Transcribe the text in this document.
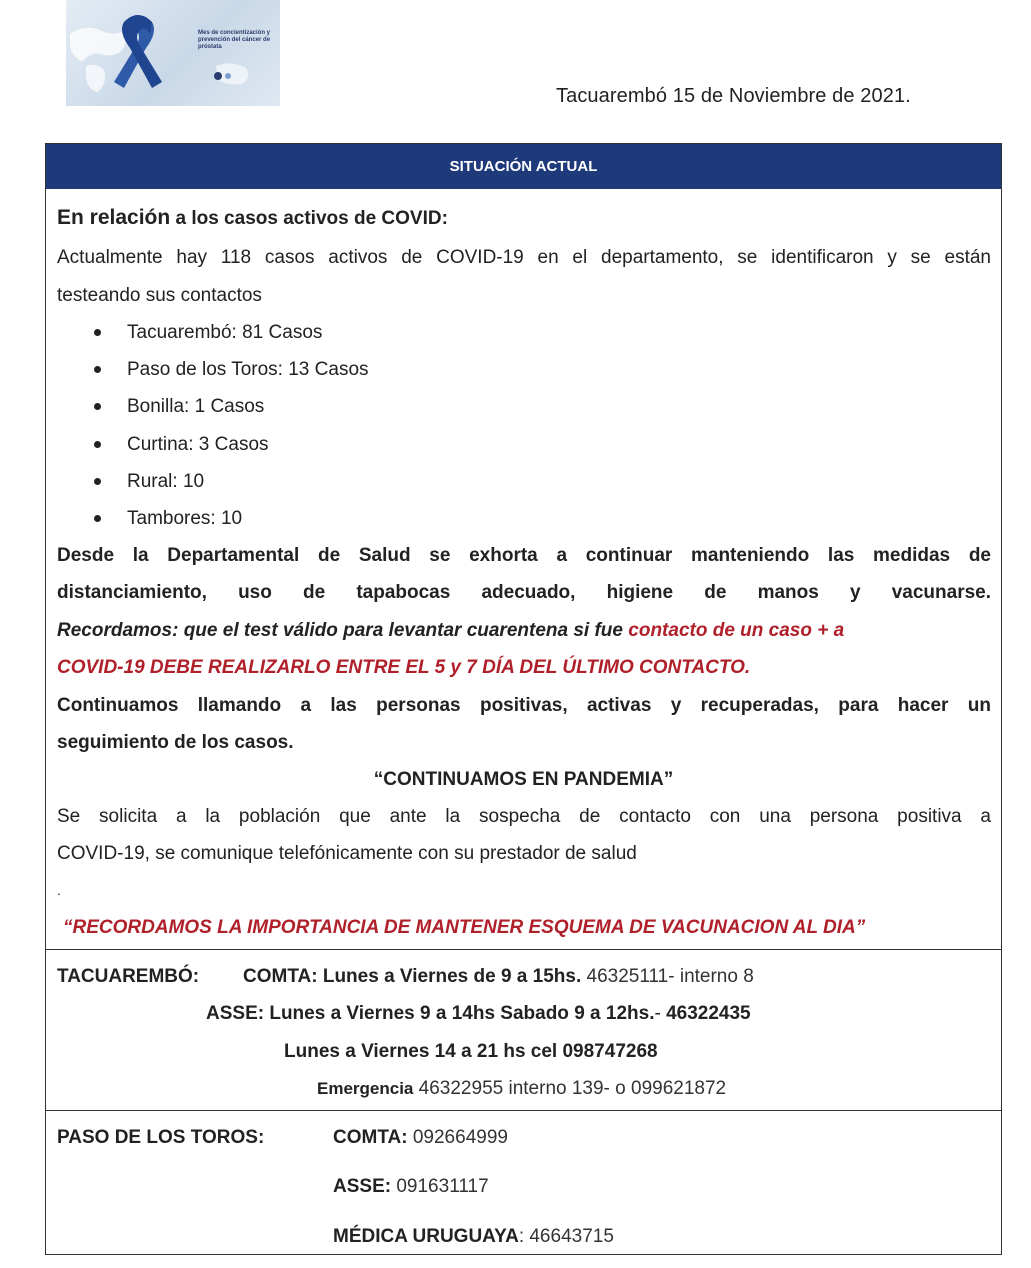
Mes de concientización y prevención del cáncer de próstata
Tacuarembó 15 de Noviembre de 2021.
SITUACIÓN ACTUAL
En relación a los casos activos de COVID:
Actualmente hay 118 casos activos de COVID-19 en el departamento, se identificaron y se están
testeando sus contactos
Tacuarembó: 81 Casos
Paso de los Toros: 13 Casos
Bonilla: 1 Casos
Curtina: 3 Casos
Rural: 10
Tambores: 10
Desde la Departamental de Salud se exhorta a continuar manteniendo las medidas de
distanciamiento, uso de tapabocas adecuado, higiene de manos y vacunarse.
Recordamos: que el test válido para levantar cuarentena si fue contacto de un caso + a
COVID-19 DEBE REALIZARLO ENTRE EL 5 y 7 DÍA DEL ÚLTIMO CONTACTO.
Continuamos llamando a las personas positivas, activas y recuperadas, para hacer un
seguimiento de los casos.
“CONTINUAMOS EN PANDEMIA”
Se solicita a la población que ante la sospecha de contacto con una persona positiva a
COVID-19, se comunique telefónicamente con su prestador de salud
.
“RECORDAMOS LA IMPORTANCIA DE MANTENER ESQUEMA DE VACUNACION AL DIA”
TACUAREMBÓ: COMTA: Lunes a Viernes de 9 a 15hs. 46325111- interno 8
ASSE: Lunes a Viernes 9 a 14hs Sabado 9 a 12hs.- 46322435
Lunes a Viernes 14 a 21 hs cel 098747268
Emergencia 46322955 interno 139- o 099621872
PASO DE LOS TOROS:	COMTA: 092664999
ASSE: 091631117
MÉDICA URUGUAYA: 46643715
